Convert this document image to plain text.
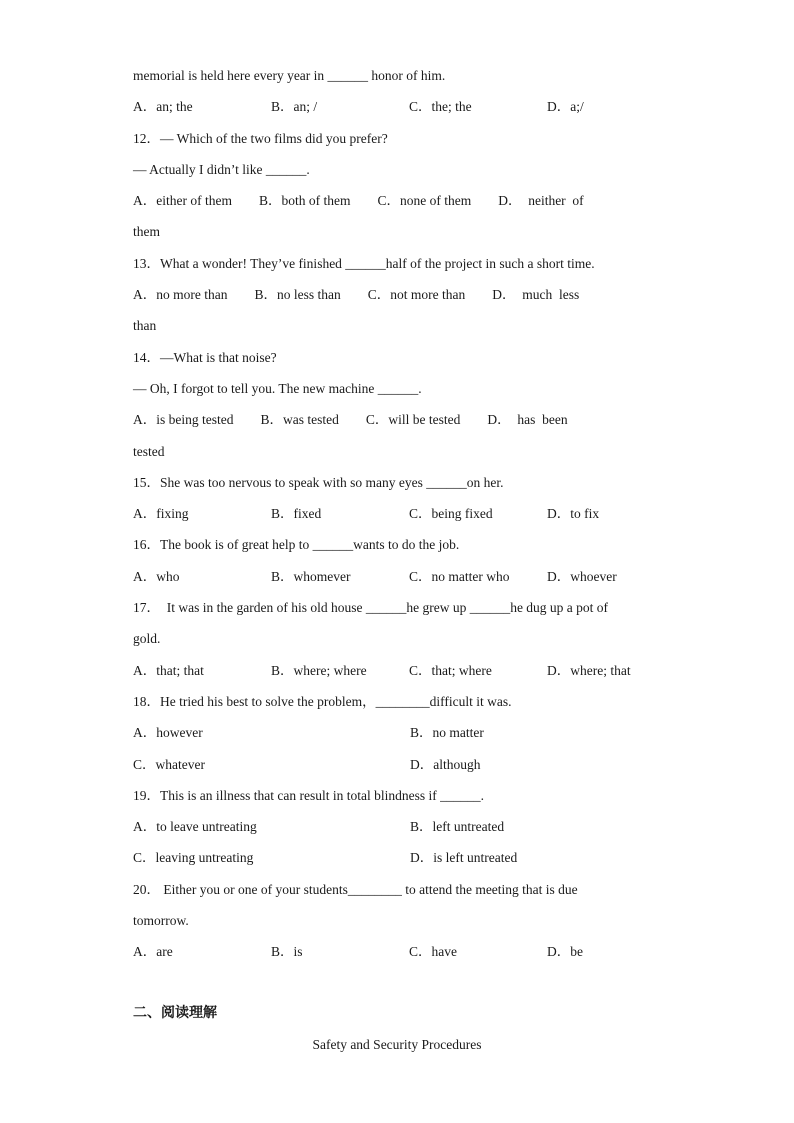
memorial is held here every year in ______ honor of him.
A．an; the	B．an; /	C．the; the	D．a;/
12．— Which of the two films did you prefer?
— Actually I didn’t like ______.
A．either of them        B．both of them        C．none of them        D．  neither  of
them
13．What a wonder! They’ve finished ______half of the project in such a short time.
A．no more than        B．no less than        C．not more than        D．  much  less
than
14．—What is that noise?
— Oh, I forgot to tell you. The new machine ______.
A．is being tested        B．was tested        C．will be tested        D．  has  been
tested
15．She was too nervous to speak with so many eyes ______on her.
A．fixing	B．fixed	C．being fixed	D．to fix
16．The book is of great help to ______wants to do the job.
A．who	B．whomever	C．no matter who	D．whoever
17．  It was in the garden of his old house ______he grew up ______he dug up a pot of
gold.
A．that; that	B．where; where	C．that; where	D．where; that
18．He tried his best to solve the problem，________difficult it was.
A．however	B．no matter
C．whatever	D．although
19．This is an illness that can result in total blindness if ______.
A．to leave untreating	B．left untreated
C．leaving untreating	D．is left untreated
20． Either you or one of your students________ to attend the meeting that is due
tomorrow.
A．are	B．is	C．have	D．be
二、阅读理解
Safety and Security Procedures
